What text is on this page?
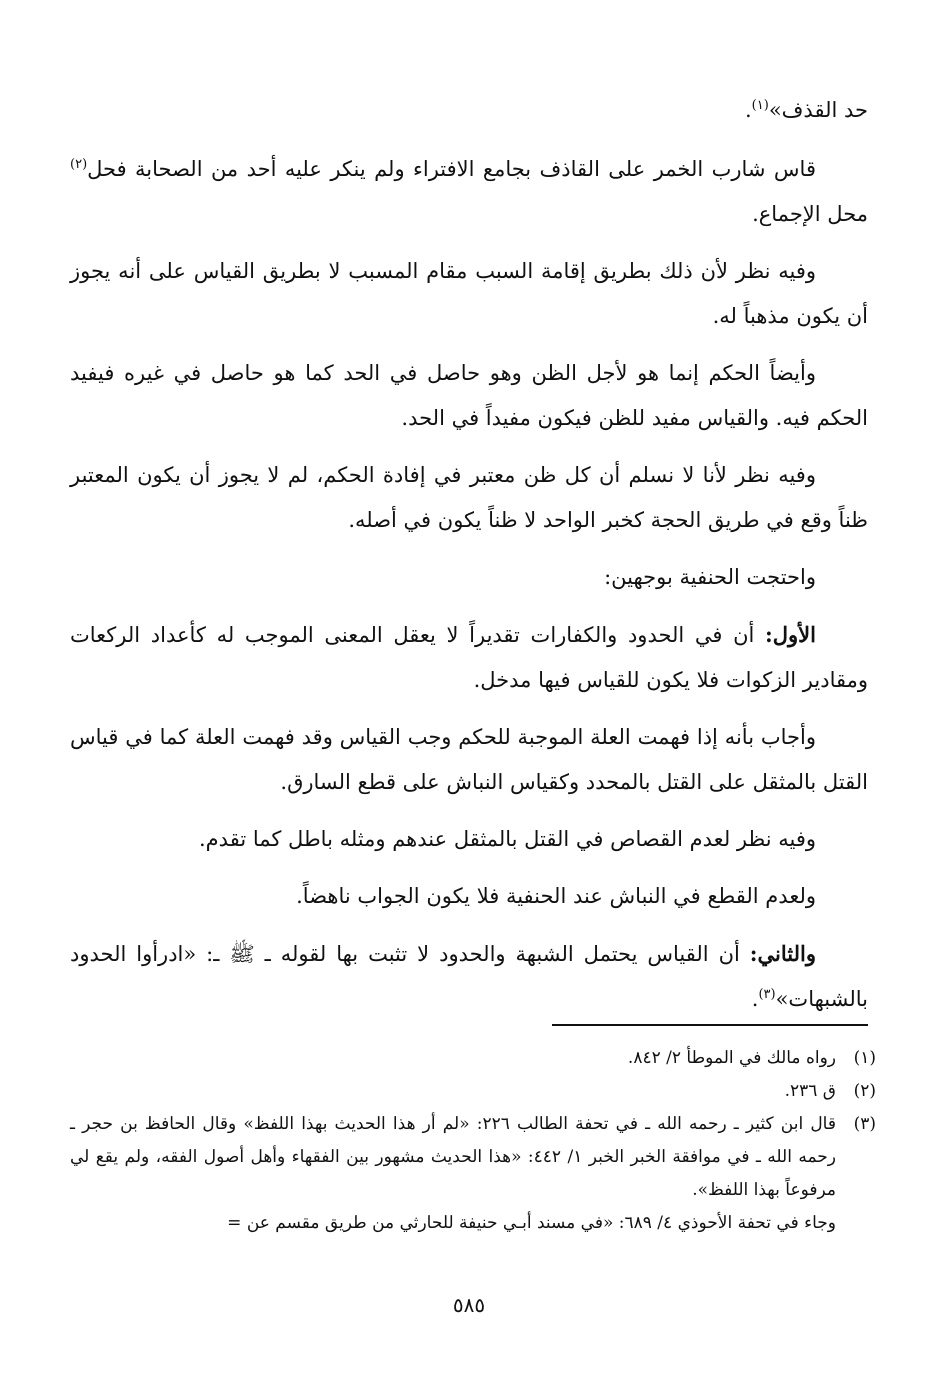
حد القذف»$^{(١)}$.

قاس شارب الخمر على القاذف بجامع الافتراء ولم ينكر عليه أحد من الصحابة فحل$^{(٢)}$ محل الإجماع.

وفيه نظر لأن ذلك بطريق إقامة السبب مقام المسبب لا بطريق القياس على أنه يجوز أن يكون مذهباً له.

وأيضاً الحكم إنما هو لأجل الظن وهو حاصل في الحد كما هو حاصل في غيره فيفيد الحكم فيه. والقياس مفيد للظن فيكون مفيداً في الحد.

وفيه نظر لأنا لا نسلم أن كل ظن معتبر في إفادة الحكم، لم لا يجوز أن يكون المعتبر ظناً وقع في طريق الحجة كخبر الواحد لا ظناً يكون في أصله.

واحتجت الحنفية بوجهين:

الأول: أن في الحدود والكفارات تقديراً لا يعقل المعنى الموجب له كأعداد الركعات ومقادير الزكوات فلا يكون للقياس فيها مدخل.

وأجاب بأنه إذا فهمت العلة الموجبة للحكم وجب القياس وقد فهمت العلة كما في قياس القتل بالمثقل على القتل بالمحدد وكقياس النباش على قطع السارق.

وفيه نظر لعدم القصاص في القتل بالمثقل عندهم ومثله باطل كما تقدم.

ولعدم القطع في النباش عند الحنفية فلا يكون الجواب ناهضاً.

والثاني: أن القياس يحتمل الشبهة والحدود لا تثبت بها لقوله ـ ﷺ ـ: «ادرأوا الحدود بالشبهات»$^{(٣)}$.

(١)
رواه مالك في الموطأ ٢/ ٨٤٢.

(٢)
ق ٢٣٦.

(٣)
قال ابن كثير ـ رحمه الله ـ في تحفة الطالب ٢٢٦: «لم أر هذا الحديث بهذا اللفظ» وقال الحافظ بن حجر ـ رحمه الله ـ في موافقة الخبر الخبر ١/ ٤٤٢: «هذا الحديث مشهور بين الفقهاء وأهل أصول الفقه، ولم يقع لي مرفوعاً بهذا اللفظ».

وجاء في تحفة الأحوذي ٤/ ٦٨٩: «في مسند أبـي حنيفة للحارثي من طريق مقسم عن =

٥٨٥
